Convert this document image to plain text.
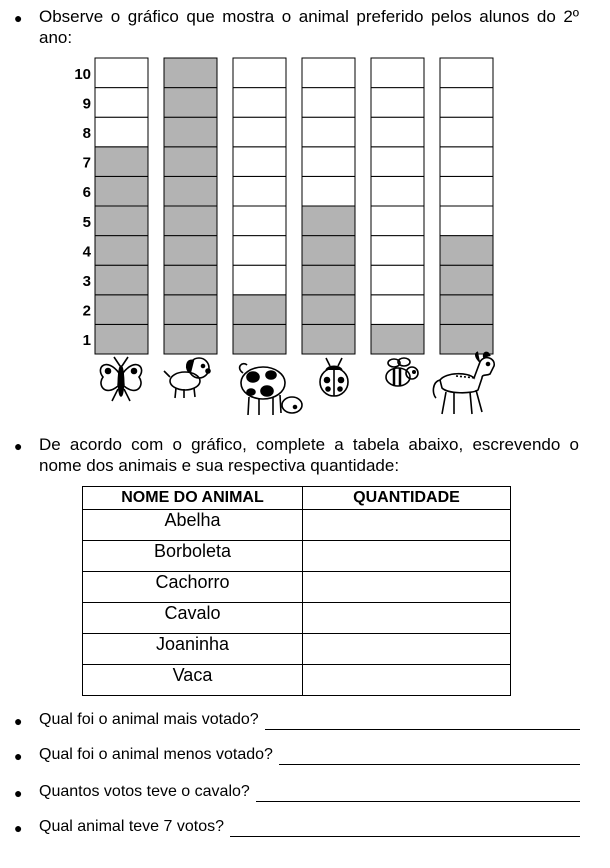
● Observe o gráfico que mostra o animal preferido pelos alunos do 2º ano:
1
2
3
4
5
6
7
8
9
10
● De acordo com o gráfico, complete a tabela abaixo, escrevendo o nome dos animais e sua respectiva quantidade:
NOME DO ANIMAL	QUANTIDADE
Abelha	
Borboleta	
Cachorro	
Cavalo	
Joaninha	
Vaca	
● Qual foi o animal mais votado?
● Qual foi o animal menos votado?
● Quantos votos teve o cavalo?
● Qual animal teve 7 votos?
